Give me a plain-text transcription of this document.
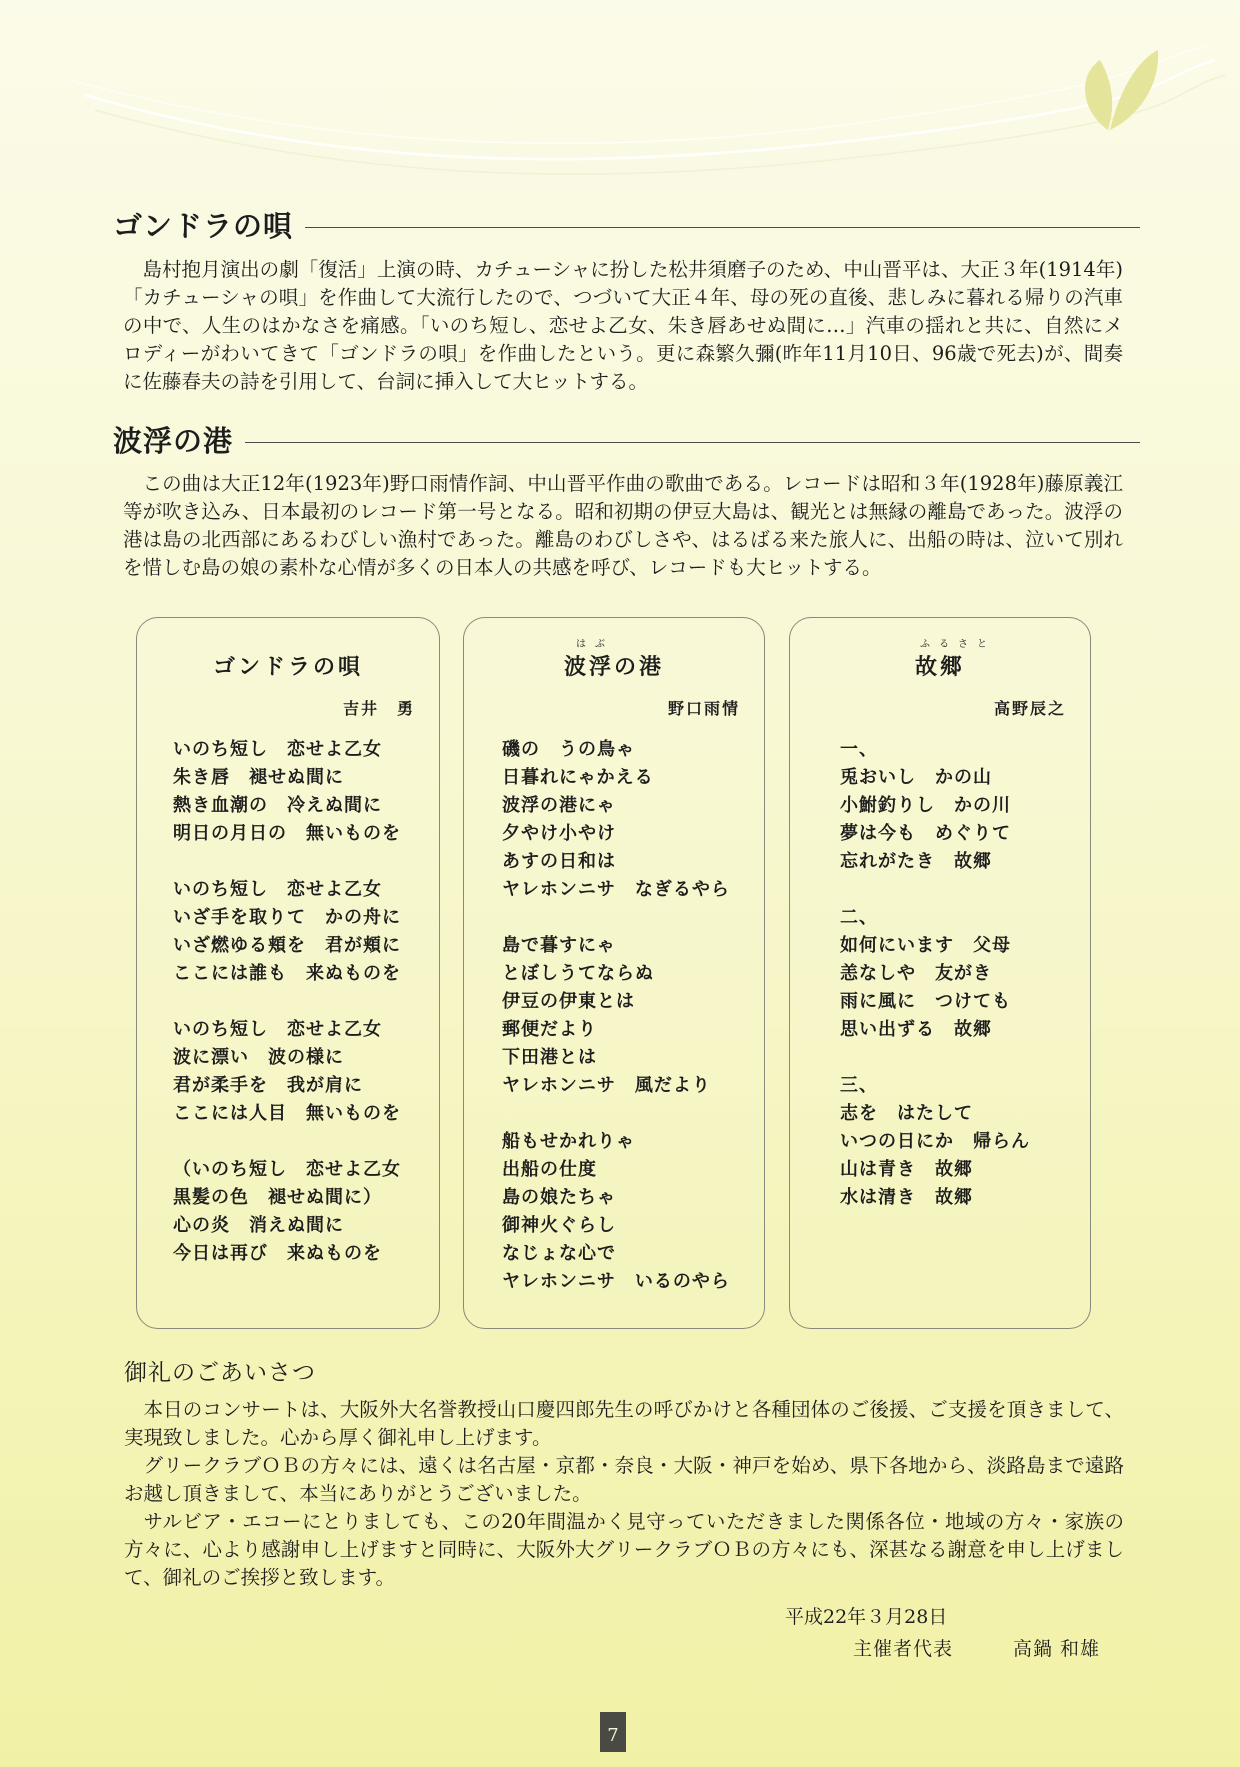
ゴンドラの唄

島村抱月演出の劇「復活」上演の時、カチューシャに扮した松井須磨子のため、中山晋平は、大正３年(1914年)「カチューシャの唄」を作曲して大流行したので、つづいて大正４年、母の死の直後、悲しみに暮れる帰りの汽車の中で、人生のはかなさを痛感。「いのち短し、恋せよ乙女、朱き唇あせぬ間に…」汽車の揺れと共に、自然にメロディーがわいてきて「ゴンドラの唄」を作曲したという。更に森繁久彌(昨年11月10日、96歳で死去)が、間奏に佐藤春夫の詩を引用して、台詞に挿入して大ヒットする。

波浮の港

この曲は大正12年(1923年)野口雨情作詞、中山晋平作曲の歌曲である。レコードは昭和３年(1928年)藤原義江等が吹き込み、日本最初のレコード第一号となる。昭和初期の伊豆大島は、観光とは無縁の離島であった。波浮の港は島の北西部にあるわびしい漁村であった。離島のわびしさや、はるばる来た旅人に、出船の時は、泣いて別れを惜しむ島の娘の素朴な心情が多くの日本人の共感を呼び、レコードも大ヒットする。

ゴンドラの唄
吉井　勇
いのち短し　恋せよ乙女
朱き唇　褪せぬ間に
熱き血潮の　冷えぬ間に
明日の月日の　無いものを
いのち短し　恋せよ乙女
いざ手を取りて　かの舟に
いざ燃ゆる頬を　君が頬に
ここには誰も　来ぬものを
いのち短し　恋せよ乙女
波に漂い　波の様に
君が柔手を　我が肩に
ここには人目　無いものを
（いのち短し　恋せよ乙女
黒髪の色　褪せぬ間に）
心の炎　消えぬ間に
今日は再び　来ぬものを
はぶ
波浮の港
野口雨情
磯の　うの鳥ゃ
日暮れにゃかえる
波浮の港にゃ
夕やけ小やけ
あすの日和は
ヤレホンニサ　なぎるやら
島で暮すにゃ
とぼしうてならぬ
伊豆の伊東とは
郵便だより
下田港とは
ヤレホンニサ　風だより
船もせかれりゃ
出船の仕度
島の娘たちゃ
御神火ぐらし
なじょな心で
ヤレホンニサ　いるのやら
ふるさと
故郷
高野辰之
一、
兎おいし　かの山
小鮒釣りし　かの川
夢は今も　めぐりて
忘れがたき　故郷
二、
如何にいます　父母
恙なしや　友がき
雨に風に　つけても
思い出ずる　故郷
三、
志を　はたして
いつの日にか　帰らん
山は青き　故郷
水は清き　故郷
御礼のごあいさつ

本日のコンサートは、大阪外大名誉教授山口慶四郎先生の呼びかけと各種団体のご後援、ご支援を頂きまして、実現致しました。心から厚く御礼申し上げます。

グリークラブＯＢの方々には、遠くは名古屋・京都・奈良・大阪・神戸を始め、県下各地から、淡路島まで遠路お越し頂きまして、本当にありがとうございました。

サルビア・エコーにとりましても、この20年間温かく見守っていただきました関係各位・地域の方々・家族の方々に、心より感謝申し上げますと同時に、大阪外大グリークラブＯＢの方々にも、深甚なる謝意を申し上げまして、御礼のご挨拶と致します。

平成22年３月28日
主催者代表　　　高鍋 和雄
7
